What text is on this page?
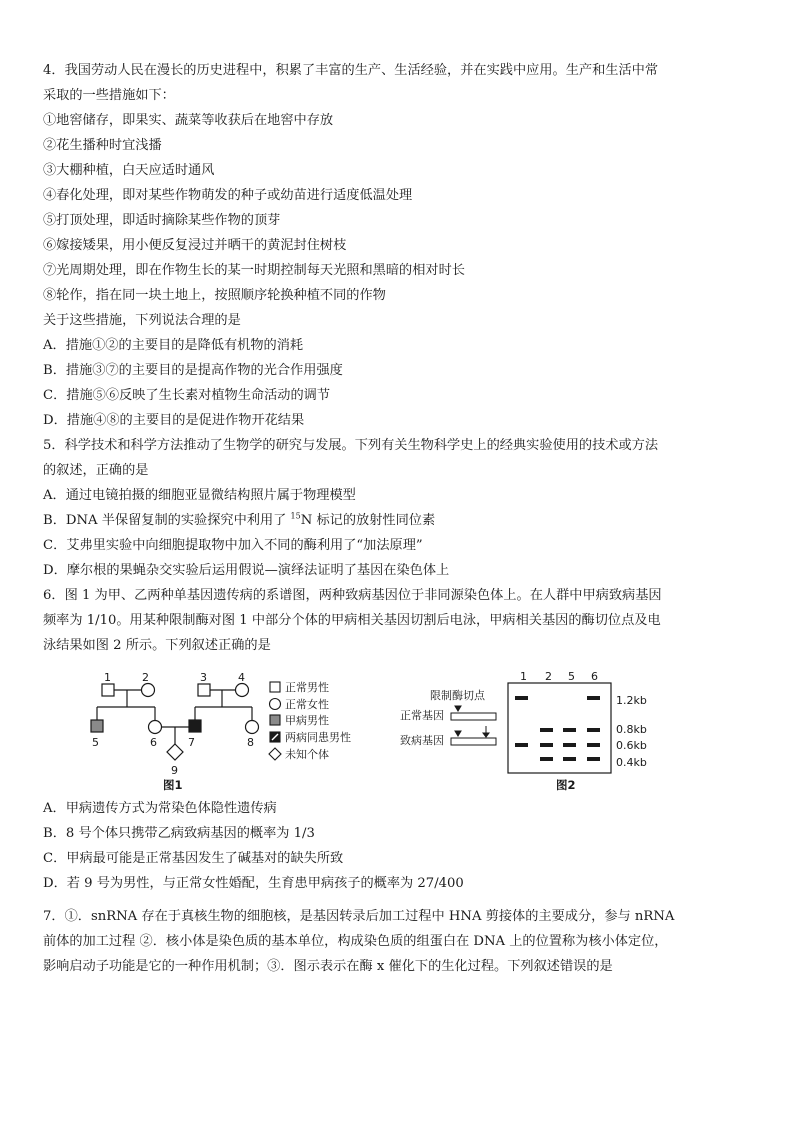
4．我国劳动人民在漫长的历史进程中，积累了丰富的生产、生活经验，并在实践中应用。生产和生活中常
采取的一些措施如下：
①地窖储存，即果实、蔬菜等收获后在地窖中存放
②花生播种时宜浅播
③大棚种植，白天应适时通风
④春化处理，即对某些作物萌发的种子或幼苗进行适度低温处理
⑤打顶处理，即适时摘除某些作物的顶芽
⑥嫁接矮果，用小便反复浸过并晒干的黄泥封住树枝
⑦光周期处理，即在作物生长的某一时期控制每天光照和黑暗的相对时长
⑧轮作，指在同一块土地上，按照顺序轮换种植不同的作物
关于这些措施，下列说法合理的是
A．措施①②的主要目的是降低有机物的消耗
B．措施③⑦的主要目的是提高作物的光合作用强度
C．措施⑤⑥反映了生长素对植物生命活动的调节
D．措施④⑧的主要目的是促进作物开花结果
5．科学技术和科学方法推动了生物学的研究与发展。下列有关生物科学史上的经典实验使用的技术或方法
的叙述，正确的是
A．通过电镜拍摄的细胞亚显微结构照片属于物理模型
B．DNA 半保留复制的实验探究中利用了 $^{15}$N 标记的放射性同位素
C．艾弗里实验中向细胞提取物中加入不同的酶利用了“加法原理”
D．摩尔根的果蝇杂交实验后运用假说—演绎法证明了基因在染色体上
6．图 1 为甲、乙两种单基因遗传病的系谱图，两种致病基因位于非同源染色体上。在人群中甲病致病基因
频率为 1/10。用某种限制酶对图 1 中部分个体的甲病相关基因切割后电泳，甲病相关基因的酶切位点及电
泳结果如图 2 所示。下列叙述正确的是
1	2	3	4
5	6	7	8
9
图1
正常男性
正常女性
甲病男性
两病同患男性
未知个体
限制酶切点
正常基因
致病基因
图2
1 2 5 6
1.2kb
0.8kb
0.6kb
0.4kb
A．甲病遗传方式为常染色体隐性遗传病
B．8 号个体只携带乙病致病基因的概率为 1/3
C．甲病最可能是正常基因发生了碱基对的缺失所致
D．若 9 号为男性，与正常女性婚配，生育患甲病孩子的概率为 27/400
7．①．snRNA 存在于真核生物的细胞核，是基因转录后加工过程中 HNA 剪接体的主要成分，参与 nRNA
前体的加工过程 ②．核小体是染色质的基本单位，构成染色质的组蛋白在 DNA 上的位置称为核小体定位，
影响启动子功能是它的一种作用机制；③．图示表示在酶 x 催化下的生化过程。下列叙述错误的是
